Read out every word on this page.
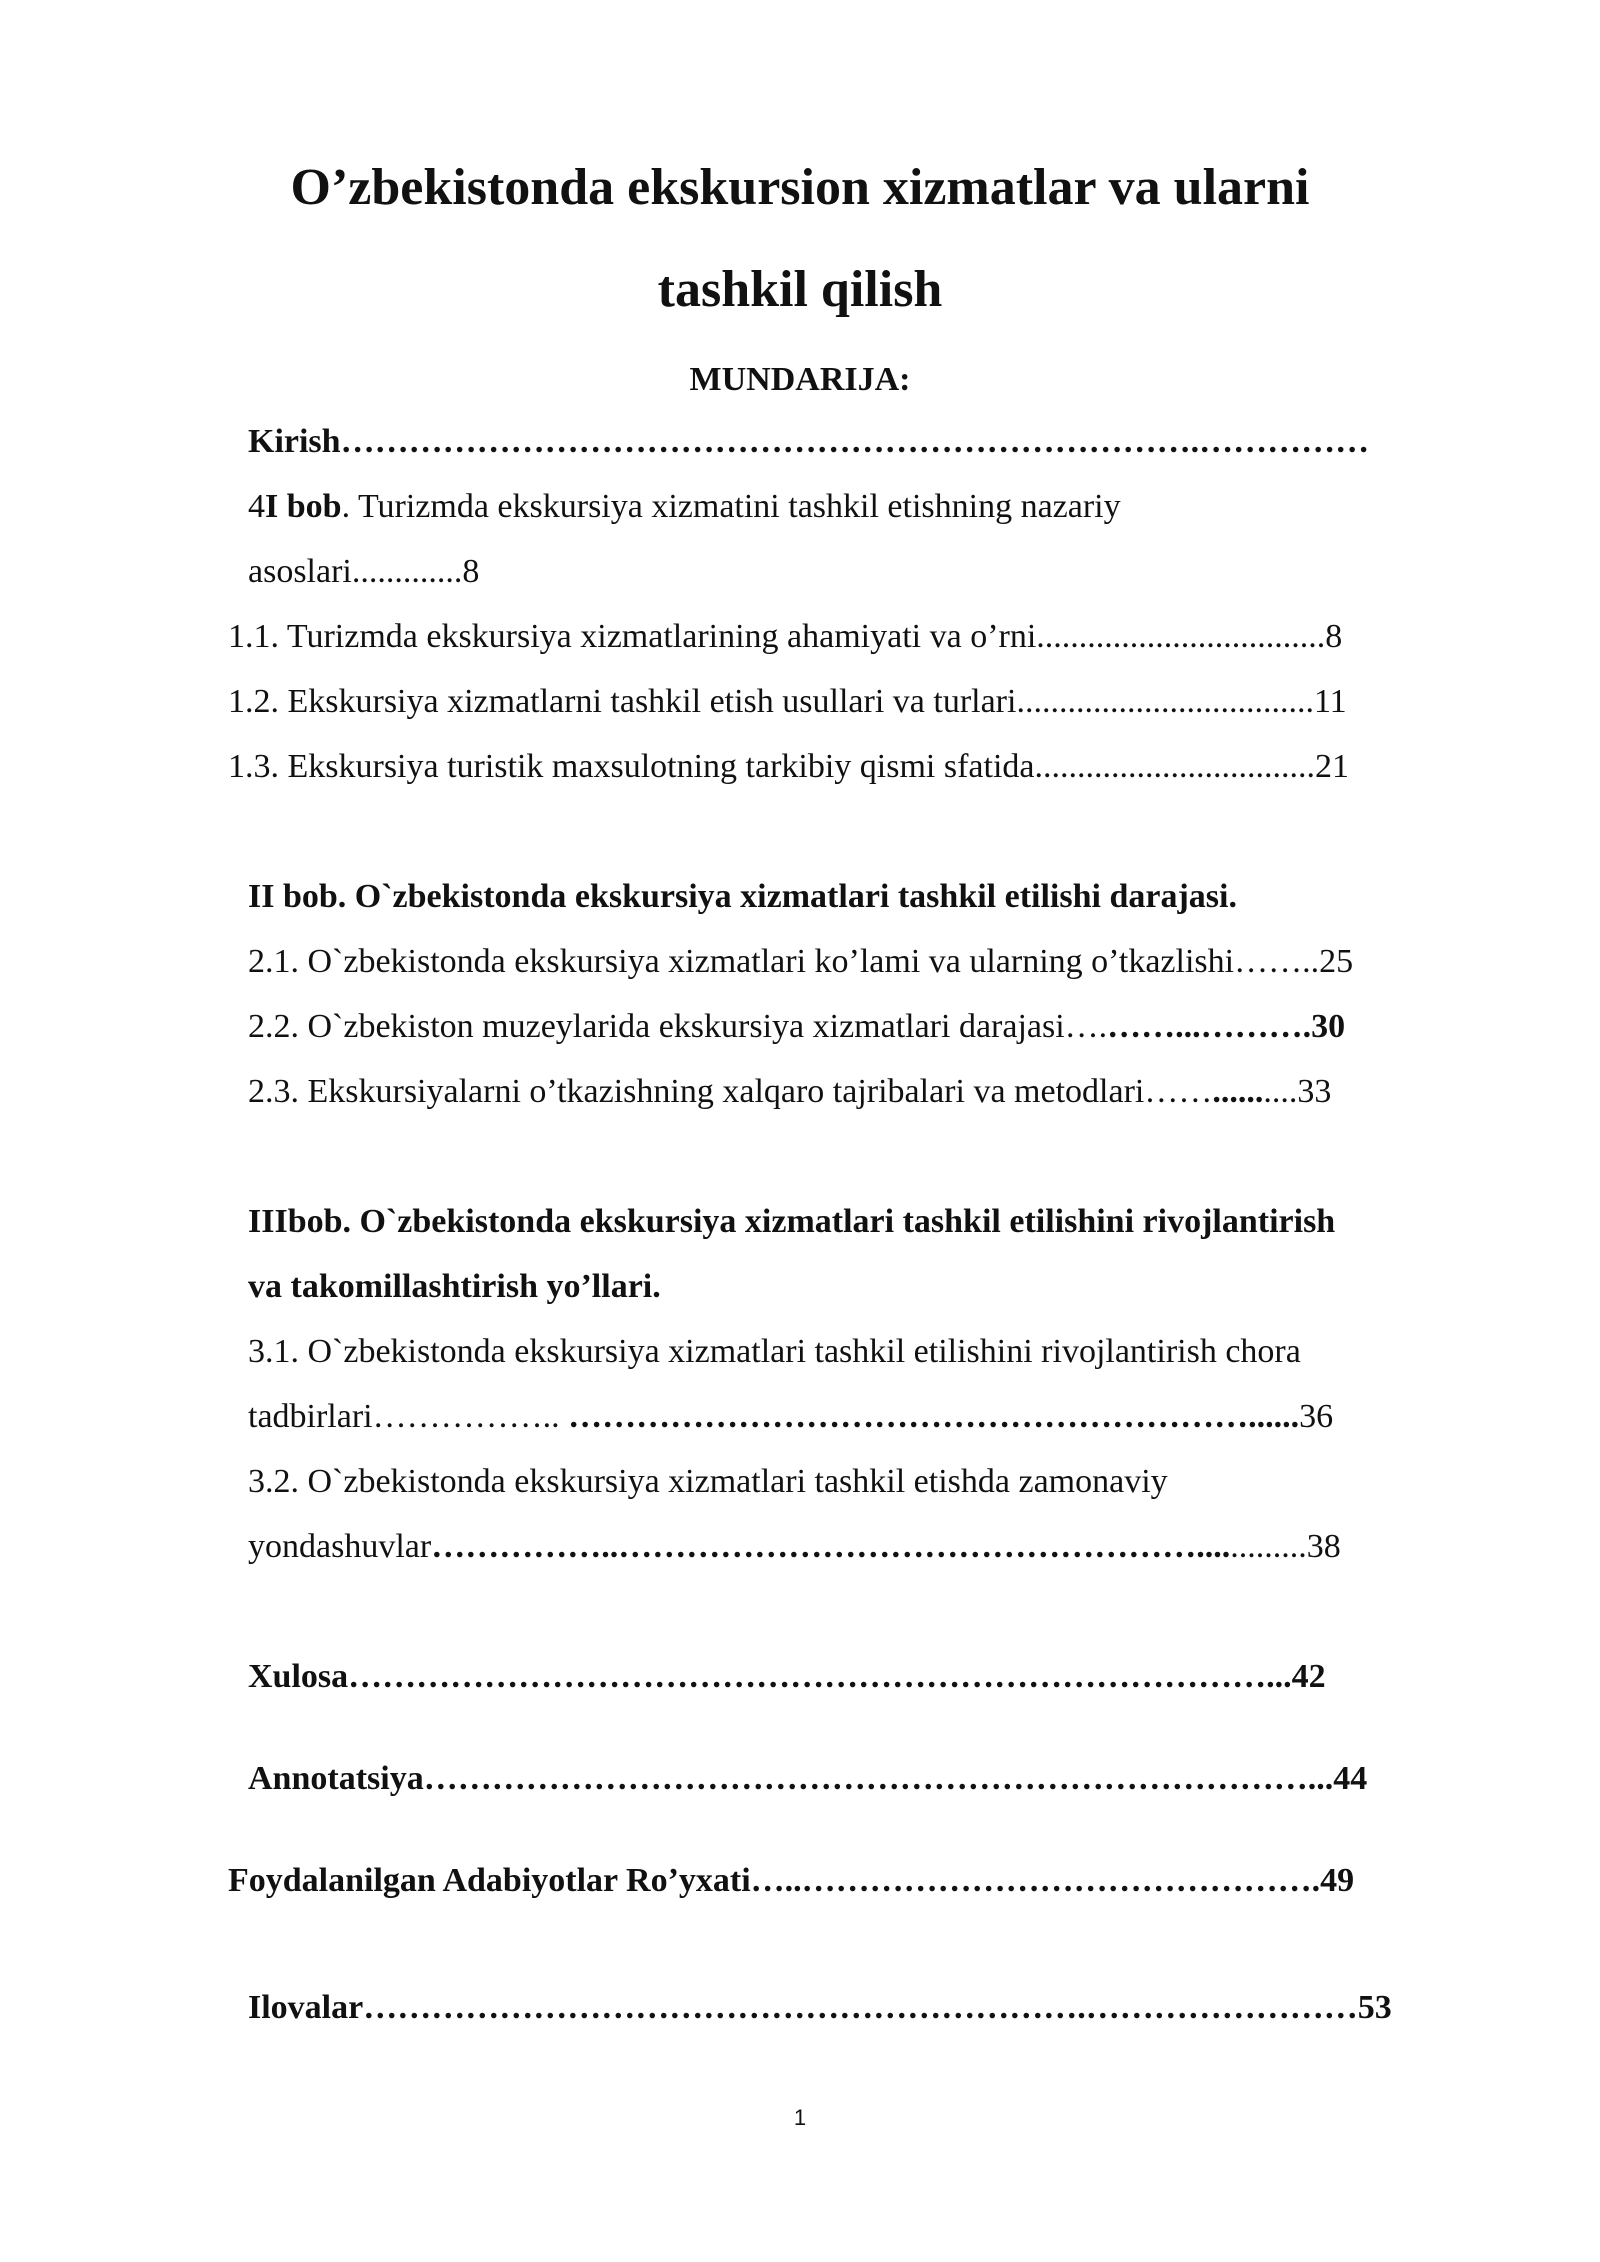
O’zbekistonda ekskursion xizmatlar va ularni
tashkil qilish
MUNDARIJA:
Kirish………………………………………………………………….……………
4I bob. Turizmda ekskursiya xizmatini tashkil etishning nazariy
asoslari.............8
1.1. Turizmda ekskursiya xizmatlarining ahamiyati va o’rni..................................8
1.2. Ekskursiya xizmatlarni tashkil etish usullari va turlari...................................11
1.3. Ekskursiya turistik maxsulotning tarkibiy qismi sfatida.................................21
II bob. O`zbekistonda ekskursiya xizmatlari tashkil etilishi darajasi.
2.1. O`zbekistonda ekskursiya xizmatlari ko’lami va ularning o’tkazlishi……..25
2.2. O`zbekiston muzeylarida ekskursiya xizmatlari darajasi….……...……….30
2.3. Ekskursiyalarni o’tkazishning xalqaro tajribalari va metodlari……..........33
IIIbob. O`zbekistonda ekskursiya xizmatlari tashkil etilishini rivojlantirish
va takomillashtirish yo’llari.
3.1. O`zbekistonda ekskursiya xizmatlari tashkil etilishini rivojlantirish chora
tadbirlari…………….. ……………………………………………………......36
3.2. O`zbekistonda ekskursiya xizmatlari tashkil etishda zamonaviy
yondashuvlar……………..…………………………………………….............38
Xulosa………………………………………………………………………...42
Annotatsiya……………………………………………………………………...44
Foydalanilgan Adabiyotlar Ro’yxati…..……………………………………….49
Ilovalar……………………………………………………….……………………53
1
